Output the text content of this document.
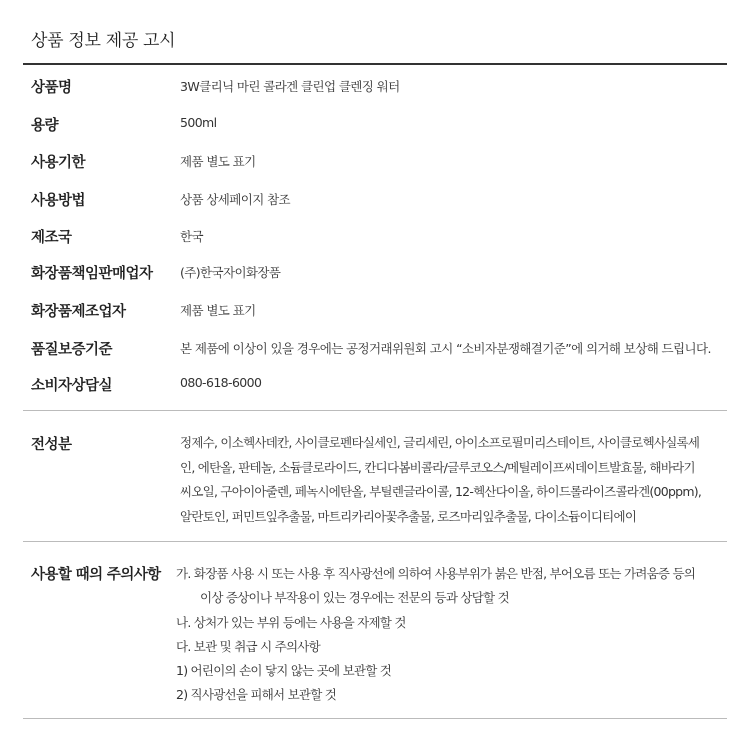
상품 정보 제공 고시
상품명	3W클리닉 마린 콜라겐 클린업 클렌징 워터
용량	500ml
사용기한	제품 별도 표기
사용방법	상품 상세페이지 참조
제조국	한국
화장품책임판매업자 (주)한국자이화장품
화장품제조업자	제품 별도 표기
품질보증기준	본 제품에 이상이 있을 경우에는 공정거래위원회 고시 “소비자분쟁해결기준”에 의거해 보상해 드립니다.
소비자상담실	080-618-6000
전성분	정제수, 이소헥사데칸, 사이클로펜타실세인, 글리세린, 아이소프로필미리스테이트, 사이클로헥사실록세
인, 에탄올, 판테놀, 소듐클로라이드, 칸디다봄비콜라/글루코오스/메틸레이프씨데이트발효물, 해바라기
씨오일, 구아이아줄렌, 페녹시에탄올, 부틸렌글라이콜, 12-헥산다이올, 하이드롤라이즈콜라겐(00ppm),
알란토인, 퍼민트잎추출물, 마트리카리아꽃추출물, 로즈마리잎추출물, 다이소듐이디티에이
사용할 때의 주의사항 가. 화장품 사용 시 또는 사용 후 직사광선에 의하여 사용부위가 붉은 반점, 부어오름 또는 가려움증 등의
이상 증상이나 부작용이 있는 경우에는 전문의 등과 상담할 것
나. 상처가 있는 부위 등에는 사용을 자제할 것
다. 보관 및 취급 시 주의사항
1) 어린이의 손이 닿지 않는 곳에 보관할 것
2) 직사광선을 피해서 보관할 것
